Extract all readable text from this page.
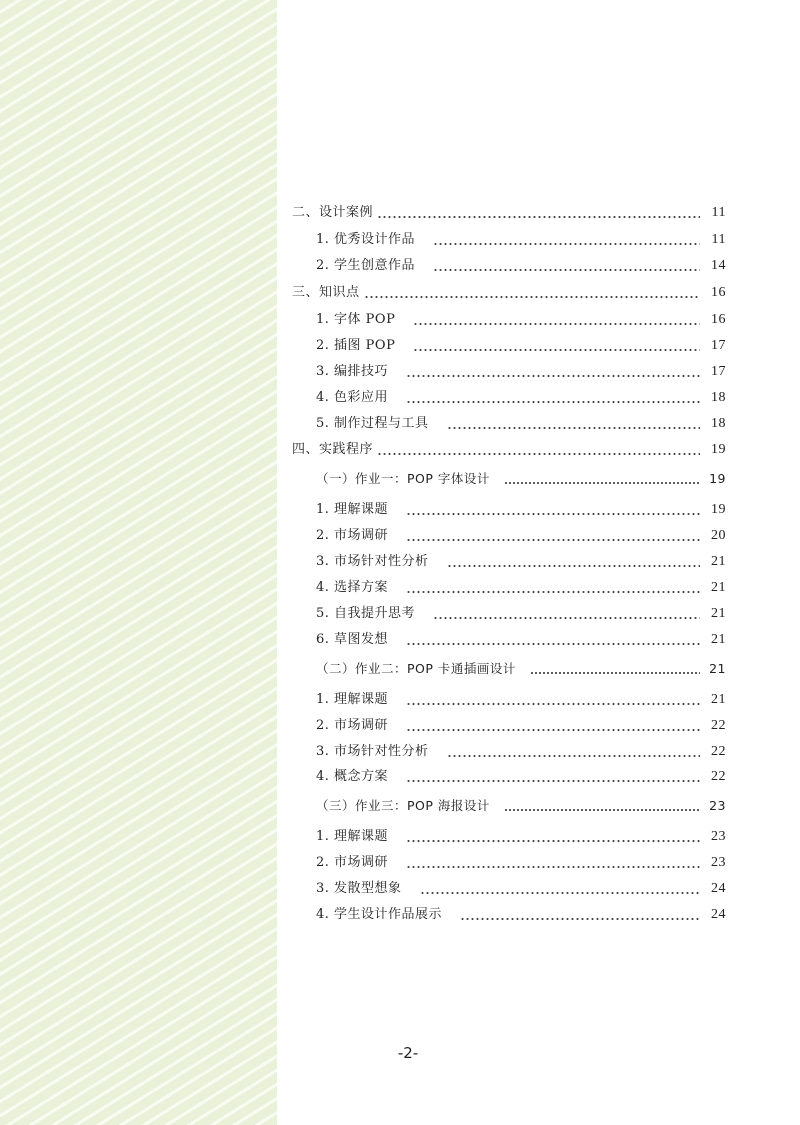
二、设计案例	11
1. 优秀设计作品	11
2. 学生创意作品	14
三、知识点	16
1. 字体 POP	16
2. 插图 POP	17
3. 编排技巧	17
4. 色彩应用	18
5. 制作过程与工具	18
四、实践程序	19
（一）作业一：POP 字体设计	19
1. 理解课题	19
2. 市场调研	20
3. 市场针对性分析	21
4. 选择方案	21
5. 自我提升思考	21
6. 草图发想	21
（二）作业二：POP 卡通插画设计	21
1. 理解课题	21
2. 市场调研	22
3. 市场针对性分析	22
4. 概念方案	22
（三）作业三：POP 海报设计	23
1. 理解课题	23
2. 市场调研	23
3. 发散型想象	24
4. 学生设计作品展示	24
-2-
